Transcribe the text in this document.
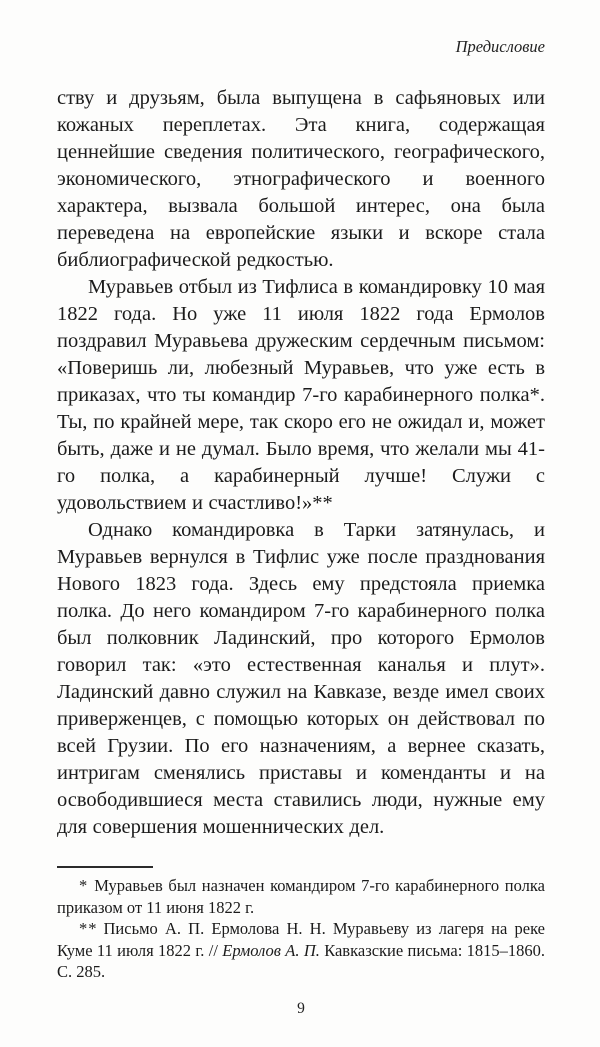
Предисловие

ству и друзьям, была выпущена в сафьяновых или кожаных переплетах. Эта книга, содержащая ценнейшие сведения политического, географического, экономического, этнографического и военного характера, вызвала большой интерес, она была переведена на европейские языки и вскоре стала библиографической редкостью.

Муравьев отбыл из Тифлиса в командировку 10 мая 1822 года. Но уже 11 июля 1822 года Ермолов поздравил Муравьева дружеским сердечным письмом: «Поверишь ли, любезный Муравьев, что уже есть в приказах, что ты командир 7-го карабинерного полка*. Ты, по крайней мере, так скоро его не ожидал и, может быть, даже и не думал. Было время, что желали мы 41-го полка, а карабинерный лучше! Служи с удовольствием и счастливо!»**

Однако командировка в Тарки затянулась, и Муравьев вернулся в Тифлис уже после празднования Нового 1823 года. Здесь ему предстояла приемка полка. До него командиром 7-го карабинерного полка был полковник Ладинский, про которого Ермолов говорил так: «это естественная каналья и плут». Ладинский давно служил на Кавказе, везде имел своих приверженцев, с помощью которых он действовал по всей Грузии. По его назначениям, а вернее сказать, интригам сменялись приставы и коменданты и на освободившиеся места ставились люди, нужные ему для совершения мошеннических дел.

* Муравьев был назначен командиром 7-го карабинерного полка приказом от 11 июня 1822 г.

** Письмо А. П. Ермолова Н. Н. Муравьеву из лагеря на реке Куме 11 июля 1822 г. // Ермолов А. П. Кавказские письма: 1815–1860. С. 285.

9
